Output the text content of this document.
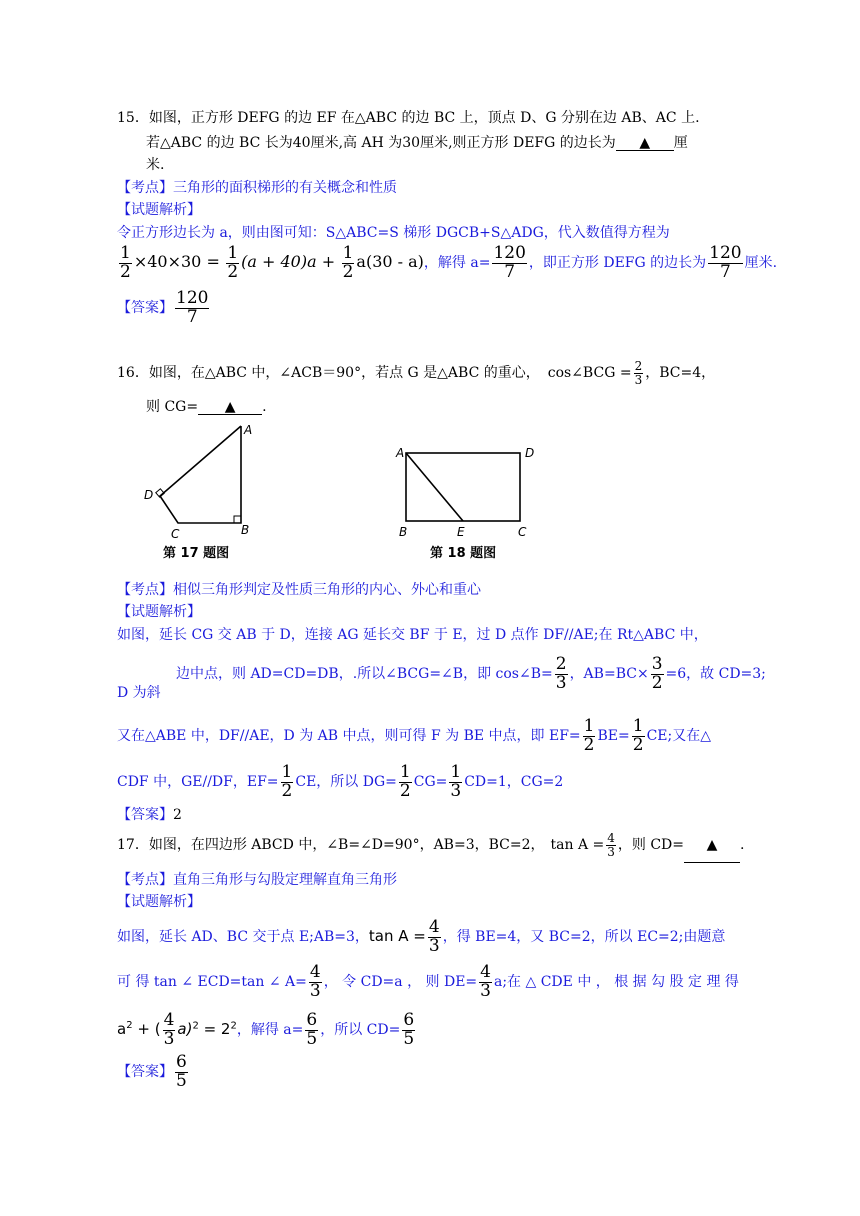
15．如图，正方形 DEFG 的边 EF 在△ABC 的边 BC 上，顶点 D、G 分别在边 AB、AC 上.
若△ABC 的边 BC 长为40厘米,高 AH 为30厘米,则正方形 DEFG 的边长为 ▲ 厘
米.
【考点】三角形的面积梯形的有关概念和性质
【试题解析】
令正方形边长为 a，则由图可知：S△ABC=S 梯形 DGCB+S△ADG，代入数值得方程为
$\frac{1}{2} \times 40\times 30 = \frac{1}{2} (a + 40)a + \frac{1}{2} a(30 - a)$，解得 $a= \frac{120}{7}$ ，即正方形 DEFG 的边长为 $\frac{120}{7}$ 厘米.
【答案】 $\frac{120}{7}$
16．如图，在△ABC 中，∠ACB＝90°，若点 G 是△ABC 的重心， cos∠BCG = $\frac{2}{3}$ ，BC=4，
则 CG= ▲ .
A
D
C	B
第 17 题图
A	D
B	E	C
第 18 题图
【考点】相似三角形判定及性质三角形的内心、外心和重心
【试题解析】
如图，延长 CG 交 AB 于 D，连接 AG 延长交 BF 于 E，过 D 点作 DF//AE;在 Rt△ABC 中，
D 为斜
边中点，则 AD=CD=DB，.所以∠BCG=∠B，即 cos∠B= $\frac{2}{3}$ ，$AB=BC\times \frac{3}{2} =6$，故 CD=3;
又在△ABE 中，DF//AE，D 为 AB 中点，则可得 F 为 BE 中点，即 $EF= \frac{1}{2} BE= \frac{1}{2}$ CE;又在△
CDF 中，GE//DF，$EF= \frac{1}{2}$ CE，所以 $DG= \frac{1}{2} CG= \frac{1}{3} CD=1$，CG=2
【答案】2
17．如图，在四边形 ABCD 中，∠B=∠D=90°，AB=3，BC=2， $\tan A = \frac{4}{3}$ ，则 CD= ▲ .
【考点】直角三角形与勾股定理解直角三角形
【试题解析】
如图，延长 AD、BC 交于点 E;AB=3，$\tan A = \frac{4}{3}$ ，得 BE=4，又 BC=2，所以 EC=2;由题意
可 得 tan ∠ ECD=tan ∠ $A= \frac{4}{3}$ ， 令 CD=a ， 则 $DE= \frac{4}{3} a$;在 △ CDE 中 ， 根 据 勾 股 定 理 得
$a^2$ + ( $\frac{4}{3} a)^2 = 2^2$，解得 $a= \frac{6}{5}$ ，所以 $CD= \frac{6}{5}$
【答案】 $\frac{6}{5}$
